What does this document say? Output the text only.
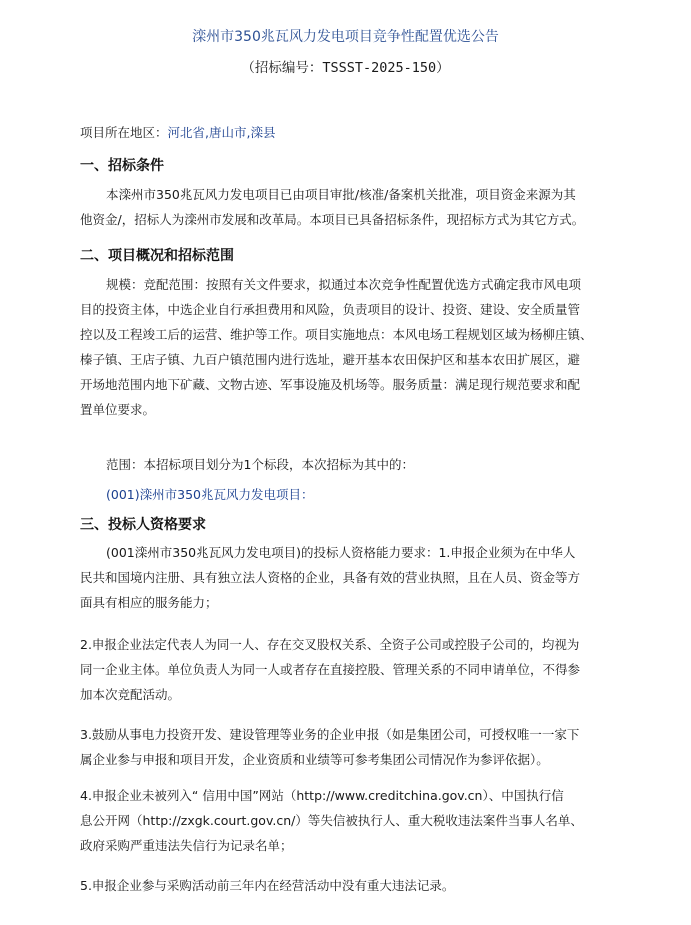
滦州市350兆瓦风力发电项目竞争性配置优选公告
（招标编号：TSSST-2025-150）
项目所在地区：河北省,唐山市,滦县
一、招标条件
本滦州市350兆瓦风力发电项目已由项目审批/核准/备案机关批准，项目资金来源为其
他资金/，招标人为滦州市发展和改革局。本项目已具备招标条件，现招标方式为其它方式。
二、项目概况和招标范围
规模：竞配范围：按照有关文件要求，拟通过本次竞争性配置优选方式确定我市风电项
目的投资主体，中选企业自行承担费用和风险，负责项目的设计、投资、建设、安全质量管
控以及工程竣工后的运营、维护等工作。项目实施地点：本风电场工程规划区域为杨柳庄镇、
榛子镇、王店子镇、九百户镇范围内进行选址，避开基本农田保护区和基本农田扩展区，避
开场地范围内地下矿藏、文物古迹、军事设施及机场等。服务质量：满足现行规范要求和配
置单位要求。
范围：本招标项目划分为1个标段，本次招标为其中的：
(001)滦州市350兆瓦风力发电项目：
三、投标人资格要求
(001滦州市350兆瓦风力发电项目)的投标人资格能力要求：1.申报企业须为在中华人
民共和国境内注册、具有独立法人资格的企业，具备有效的营业执照，且在人员、资金等方
面具有相应的服务能力；
2.申报企业法定代表人为同一人、存在交叉股权关系、全资子公司或控股子公司的，均视为
同一企业主体。单位负责人为同一人或者存在直接控股、管理关系的不同申请单位，不得参
加本次竞配活动。
3.鼓励从事电力投资开发、建设管理等业务的企业申报（如是集团公司，可授权唯一一家下
属企业参与申报和项目开发，企业资质和业绩等可参考集团公司情况作为参评依据）。
4.申报企业未被列入“ 信用中国”网站（http://www.creditchina.gov.cn）、中国执行信
息公开网（http://zxgk.court.gov.cn/）等失信被执行人、重大税收违法案件当事人名单、
政府采购严重违法失信行为记录名单；
5.申报企业参与采购活动前三年内在经营活动中没有重大违法记录。
